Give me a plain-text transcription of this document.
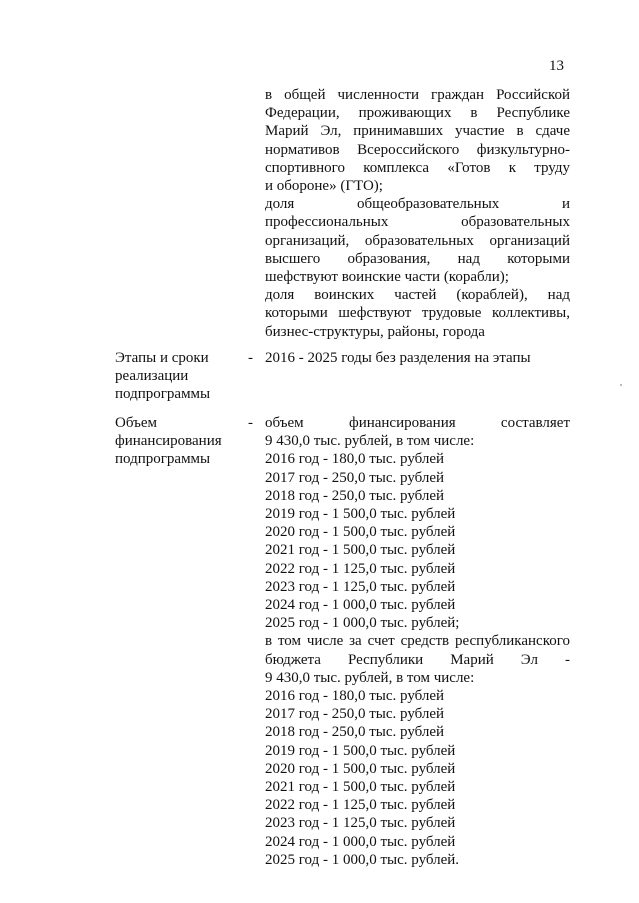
13
в общей численности граждан Российской
Федерации, проживающих в Республике
Марий Эл, принимавших участие в сдаче
нормативов Всероссийского физкультурно-
спортивного комплекса «Готов к труду
и обороне» (ГТО);
доля общеобразовательных и
профессиональных образовательных
организаций, образовательных организаций
высшего образования, над которыми
шефствуют воинские части (корабли);
доля воинских частей (кораблей), над
которыми шефствуют трудовые коллективы,
бизнес-структуры, районы, города
Этапы и сроки
реализации
подпрограммы
- 2016 - 2025 годы без разделения на этапы
Объем
финансирования
подпрограммы
- объем финансирования составляет
9 430,0 тыс. рублей, в том числе:
2016 год - 180,0 тыс. рублей
2017 год - 250,0 тыс. рублей
2018 год - 250,0 тыс. рублей
2019 год - 1 500,0 тыс. рублей
2020 год - 1 500,0 тыс. рублей
2021 год - 1 500,0 тыс. рублей
2022 год - 1 125,0 тыс. рублей
2023 год - 1 125,0 тыс. рублей
2024 год - 1 000,0 тыс. рублей
2025 год - 1 000,0 тыс. рублей;
в том числе за счет средств республиканского
бюджета Республики Марий Эл -
9 430,0 тыс. рублей, в том числе:
2016 год - 180,0 тыс. рублей
2017 год - 250,0 тыс. рублей
2018 год - 250,0 тыс. рублей
2019 год - 1 500,0 тыс. рублей
2020 год - 1 500,0 тыс. рублей
2021 год - 1 500,0 тыс. рублей
2022 год - 1 125,0 тыс. рублей
2023 год - 1 125,0 тыс. рублей
2024 год - 1 000,0 тыс. рублей
2025 год - 1 000,0 тыс. рублей.
